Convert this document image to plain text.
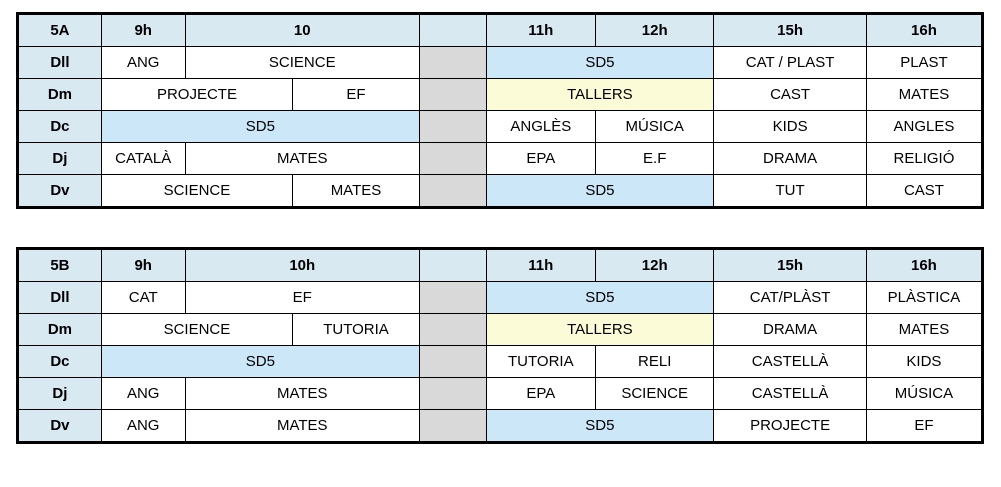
5A	9h	10			11h	12h	15h	16h
Dll	ANG	SCIENCE			SD5		CAT / PLAST	PLAST
Dm	PROJECTE		EF		TALLERS		CAST	MATES
Dc	SD5				ANGLÈS	MÚSICA	KIDS	ANGLES
Dj	CATALÀ	MATES			EPA	E.F	DRAMA	RELIGIÓ
Dv	SCIENCE		MATES		SD5		TUT	CAST
5B	9h	10h			11h	12h	15h	16h
Dll	CAT	EF			SD5		CAT/PLÀST	PLÀSTICA
Dm	SCIENCE		TUTORIA		TALLERS		DRAMA	MATES
Dc	SD5				TUTORIA	RELI	CASTELLÀ	KIDS
Dj	ANG	MATES			EPA	SCIENCE	CASTELLÀ	MÚSICA
Dv	ANG	MATES			SD5		PROJECTE	EF
